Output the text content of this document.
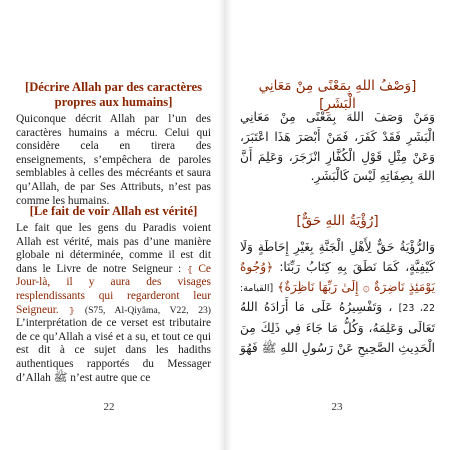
[Décrire Allah par des caractères
propres aux humains]

Quiconque décrit Allah par l’un des caractères humains a mécru. Celui qui considère cela en tirera des enseignements, s’empêchera de paroles semblables à celles des mécréants et saura qu’Allah, de par Ses Attributs, n’est pas comme les humains.

[Le fait de voir Allah est vérité]

Le fait que les gens du Paradis voient Allah est vérité, mais pas d’une manière globale ni déterminée, comme il est dit dans le Livre de notre Seigneur : ⦃ Ce Jour-là, il y aura des visages resplendissants qui regarderont leur Seigneur. ⦄ (S75, Al-Qiyâma, V22, 23) L’interprétation de ce verset est tributaire de ce qu’Allah a visé et a su, et tout ce qui est dit à ce sujet dans les hadiths authentiques rapportés du Messager d’Allah ﷺ n’est autre que ce

22
[وَصْفُ اللهِ بِمَعْنًى مِنْ مَعَانِي الْبَشَرِ]
وَمَنْ وَصَفَ اللهَ بِمَعْنًى مِنْ مَعَانِي الْبَشَرِ فَقَدْ كَفَرَ، فَمَنْ أَبْصَرَ هَذَا اعْتَبَرَ، وَعَنْ مِثْلِ قَوْلِ الْكُفَّارِ انْزَجَرَ، وَعَلِمَ أَنَّ اللهَ بِصِفَاتِهِ لَيْسَ كَالْبَشَرِ.
[رُؤْيَةُ اللهِ حَقٌّ]
وَالرُّؤْيَةُ حَقٌّ لِأَهْلِ الْجَنَّةِ بِغَيْرِ إِحَاطَةٍ وَلَا كَيْفِيَّةٍ، كَمَا نَطَقَ بِهِ كِتَابُ رَبِّنَا: ﴿وُجُوهٌ يَوْمَئِذٍ نَاضِرَةٌ ۞ إِلَىٰ رَبِّهَا نَاظِرَةٌ﴾ [القيامة: 22، 23] ، وَتَفْسِيرُهُ عَلَى مَا أَرَادَهُ اللهُ تَعَالَى وَعَلِمَهُ، وَكُلُّ مَا جَاءَ فِي ذَلِكَ مِنَ الْحَدِيثِ الصَّحِيحِ عَنْ رَسُولِ اللهِ ﷺ فَهُوَ
23
